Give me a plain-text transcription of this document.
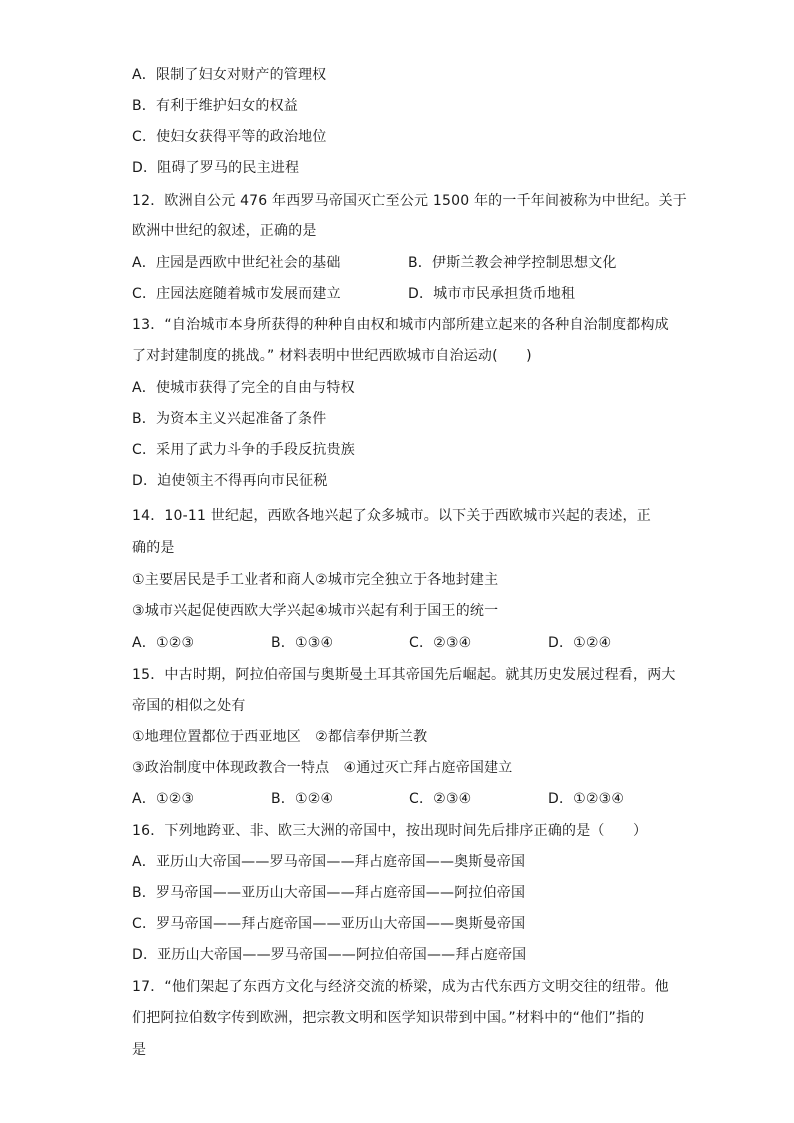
A．限制了妇女对财产的管理权
B．有利于维护妇女的权益
C．使妇女获得平等的政治地位
D．阻碍了罗马的民主进程
12．欧洲自公元 476 年西罗马帝国灭亡至公元 1500 年的一千年间被称为中世纪。关于
欧洲中世纪的叙述，正确的是
A．庄园是西欧中世纪社会的基础	B．伊斯兰教会神学控制思想文化
C．庄园法庭随着城市发展而建立	D．城市市民承担货币地租
13．“自治城市本身所获得的种种自由权和城市内部所建立起来的各种自治制度都构成
了对封建制度的挑战。” 材料表明中世纪西欧城市自治运动(　　)
A．使城市获得了完全的自由与特权
B．为资本主义兴起准备了条件
C．采用了武力斗争的手段反抗贵族
D．迫使领主不得再向市民征税
14．10-11 世纪起，西欧各地兴起了众多城市。以下关于西欧城市兴起的表述，正
确的是
①主要居民是手工业者和商人②城市完全独立于各地封建主
③城市兴起促使西欧大学兴起④城市兴起有利于国王的统一
A．①②③	B．①③④	C．②③④	D．①②④
15．中古时期，阿拉伯帝国与奥斯曼土耳其帝国先后崛起。就其历史发展过程看，两大
帝国的相似之处有
①地理位置都位于西亚地区　②都信奉伊斯兰教
③政治制度中体现政教合一特点　④通过灭亡拜占庭帝国建立
A．①②③	B．①②④	C．②③④	D．①②③④
16．下列地跨亚、非、欧三大洲的帝国中，按出现时间先后排序正确的是（　　）
A．亚历山大帝国——罗马帝国——拜占庭帝国——奥斯曼帝国
B．罗马帝国——亚历山大帝国——拜占庭帝国——阿拉伯帝国
C．罗马帝国——拜占庭帝国——亚历山大帝国——奥斯曼帝国
D．亚历山大帝国——罗马帝国——阿拉伯帝国——拜占庭帝国
17．“他们架起了东西方文化与经济交流的桥梁，成为古代东西方文明交往的纽带。他
们把阿拉伯数字传到欧洲，把宗教文明和医学知识带到中国。”材料中的“他们”指的
是
